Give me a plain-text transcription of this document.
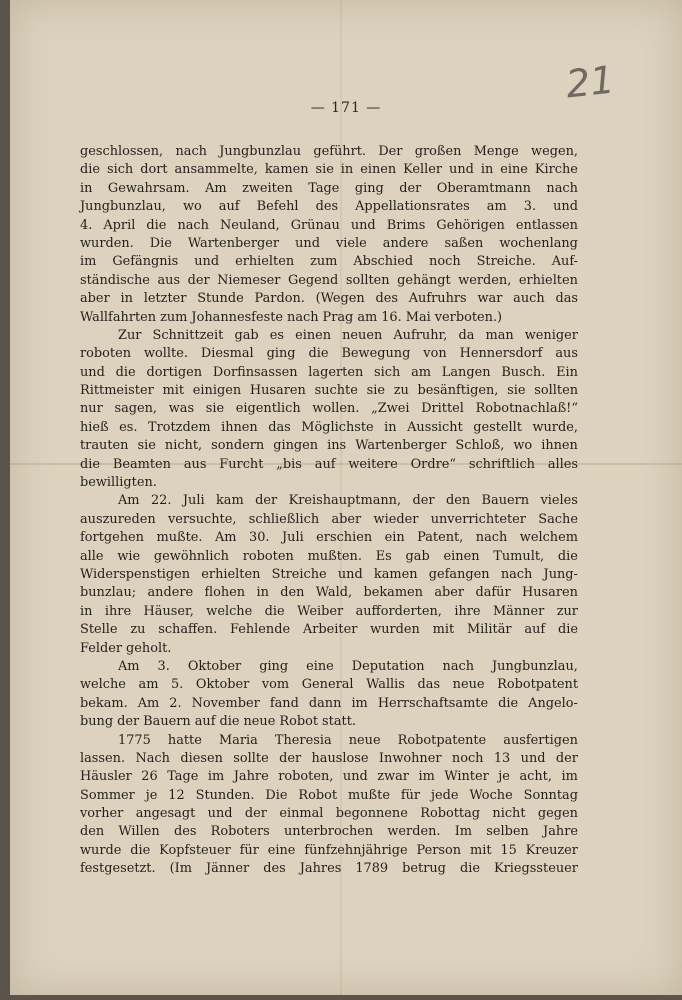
— 171 —
21
geschlossen, nach Jungbunzlau geführt. Der großen Menge wegen,
die sich dort ansammelte, kamen sie in einen Keller und in eine Kirche
in Gewahrsam. Am zweiten Tage ging der Oberamtmann nach
Jungbunzlau, wo auf Befehl des Appellationsrates am 3. und
4. April die nach Neuland, Grünau und Brims Gehörigen entlassen
wurden. Die Wartenberger und viele andere saßen wochenlang
im Gefängnis und erhielten zum Abschied noch Streiche. Auf-
ständische aus der Niemeser Gegend sollten gehängt werden, erhielten
aber in letzter Stunde Pardon. (Wegen des Aufruhrs war auch das
Wallfahrten zum Johannesfeste nach Prag am 16. Mai verboten.)
Zur Schnittzeit gab es einen neuen Aufruhr, da man weniger
roboten wollte. Diesmal ging die Bewegung von Hennersdorf aus
und die dortigen Dorfinsassen lagerten sich am Langen Busch. Ein
Rittmeister mit einigen Husaren suchte sie zu besänftigen, sie sollten
nur sagen, was sie eigentlich wollen. „Zwei Drittel Robotnachlaß!“
hieß es. Trotzdem ihnen das Möglichste in Aussicht gestellt wurde,
trauten sie nicht, sondern gingen ins Wartenberger Schloß, wo ihnen
die Beamten aus Furcht „bis auf weitere Ordre“ schriftlich alles
bewilligten.
Am 22. Juli kam der Kreishauptmann, der den Bauern vieles
auszureden versuchte, schließlich aber wieder unverrichteter Sache
fortgehen mußte. Am 30. Juli erschien ein Patent, nach welchem
alle wie gewöhnlich roboten mußten. Es gab einen Tumult, die
Widerspenstigen erhielten Streiche und kamen gefangen nach Jung-
bunzlau; andere flohen in den Wald, bekamen aber dafür Husaren
in ihre Häuser, welche die Weiber aufforderten, ihre Männer zur
Stelle zu schaffen. Fehlende Arbeiter wurden mit Militär auf die
Felder geholt.
Am 3. Oktober ging eine Deputation nach Jungbunzlau,
welche am 5. Oktober vom General Wallis das neue Robotpatent
bekam. Am 2. November fand dann im Herrschaftsamte die Angelo-
bung der Bauern auf die neue Robot statt.
1775 hatte Maria Theresia neue Robotpatente ausfertigen
lassen. Nach diesen sollte der hauslose Inwohner noch 13 und der
Häusler 26 Tage im Jahre roboten, und zwar im Winter je acht, im
Sommer je 12 Stunden. Die Robot mußte für jede Woche Sonntag
vorher angesagt und der einmal begonnene Robottag nicht gegen
den Willen des Roboters unterbrochen werden. Im selben Jahre
wurde die Kopfsteuer für eine fünfzehnjährige Person mit 15 Kreuzer
festgesetzt. (Im Jänner des Jahres 1789 betrug die Kriegssteuer
